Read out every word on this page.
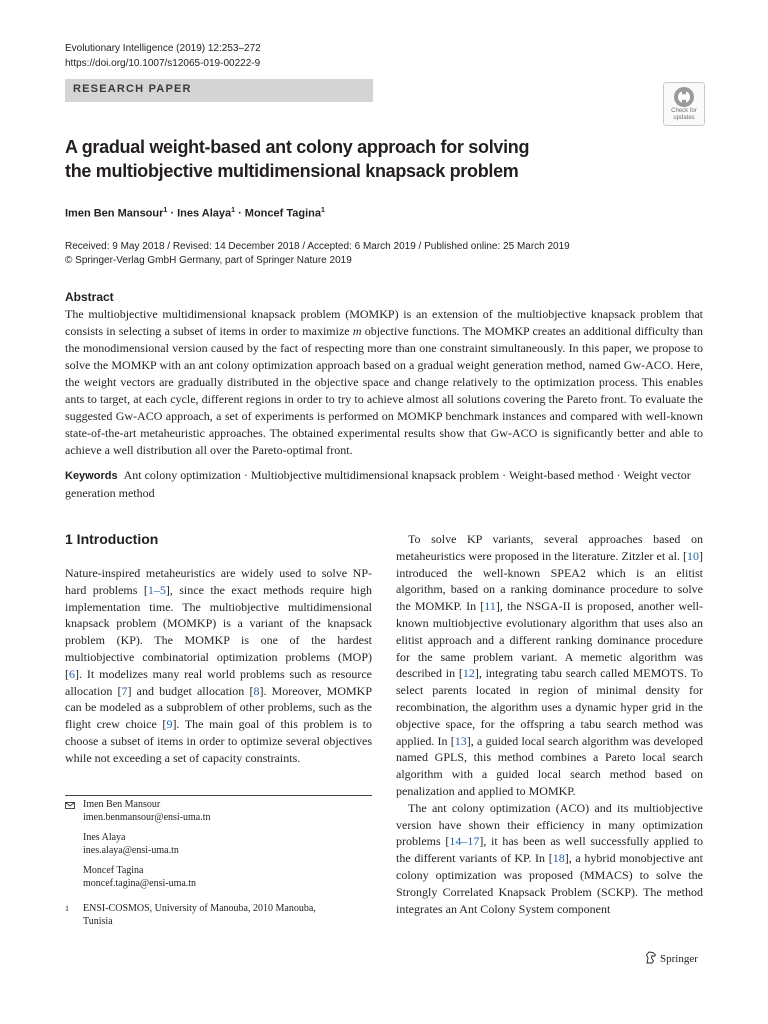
Evolutionary Intelligence (2019) 12:253–272
https://doi.org/10.1007/s12065-019-00222-9
RESEARCH PAPER
Check for
updates
A gradual weight-based ant colony approach for solving
the multiobjective multidimensional knapsack problem
Imen Ben Mansour$^1$ · Ines Alaya$^1$ · Moncef Tagina$^1$
Received: 9 May 2018 / Revised: 14 December 2018 / Accepted: 6 March 2019 / Published online: 25 March 2019
© Springer-Verlag GmbH Germany, part of Springer Nature 2019
Abstract
The multiobjective multidimensional knapsack problem (MOMKP) is an extension of the multiobjective knapsack problem that consists in selecting a subset of items in order to maximize m objective functions. The MOMKP creates an additional difficulty than the monodimensional version caused by the fact of respecting more than one constraint simultaneously. In this paper, we propose to solve the MOMKP with an ant colony optimization approach based on a gradual weight generation method, named Gw-ACO. Here, the weight vectors are gradually distributed in the objective space and change relatively to the optimization process. This enables ants to target, at each cycle, different regions in order to try to achieve almost all solutions covering the Pareto front. To evaluate the suggested Gw-ACO approach, a set of experiments is performed on MOMKP benchmark instances and compared with well-known state-of-the-art metaheuristic approaches. The obtained experimental results show that Gw-ACO is significantly better and able to achieve a well distribution all over the Pareto-optimal front.
Keywords Ant colony optimization · Multiobjective multidimensional knapsack problem · Weight-based method · Weight vector generation method
1 Introduction

Nature-inspired metaheuristics are widely used to solve NP-hard problems [1–5], since the exact methods require high implementation time. The multiobjective multidimensional knapsack problem (MOMKP) is a variant of the knapsack problem (KP). The MOMKP is one of the hardest multiobjective combinatorial optimization problems (MOP) [6]. It modelizes many real world problems such as resource allocation [7] and budget allocation [8]. Moreover, MOMKP can be modeled as a subproblem of other problems, such as the flight crew choice [9]. The main goal of this problem is to choose a subset of items in order to optimize several objectives while not exceeding a set of capacity constraints.

To solve KP variants, several approaches based on metaheuristics were proposed in the literature. Zitzler et al. [10] introduced the well-known SPEA2 which is an elitist algorithm, based on a ranking dominance procedure to solve the MOMKP. In [11], the NSGA-II is proposed, another well-known multiobjective evolutionary algorithm that uses also an elitist approach and a different ranking dominance procedure for the same problem variant. A memetic algorithm was described in [12], integrating tabu search called MEMOTS. To select parents located in region of minimal density for recombination, the algorithm uses a dynamic hyper grid in the objective space, for the offspring a tabu search method was applied. In [13], a guided local search algorithm was developed named GPLS, this method combines a Pareto local search algorithm with a guided local search method based on penalization and applied to MOMKP.

The ant colony optimization (ACO) and its multiobjective version have shown their efficiency in many optimization problems [14–17], it has been as well successfully applied to the different variants of KP. In [18], a hybrid monobjective ant colony optimization was proposed (MMACS) to solve the Strongly Correlated Knapsack Problem (SCKP). The method integrates an Ant Colony System component

Imen Ben Mansour
imen.benmansour@ensi-uma.tn
Ines Alaya
ines.alaya@ensi-uma.tn
Moncef Tagina
moncef.tagina@ensi-uma.tn
1 ENSI-COSMOS, University of Manouba, 2010 Manouba,
Tunisia
Springer
